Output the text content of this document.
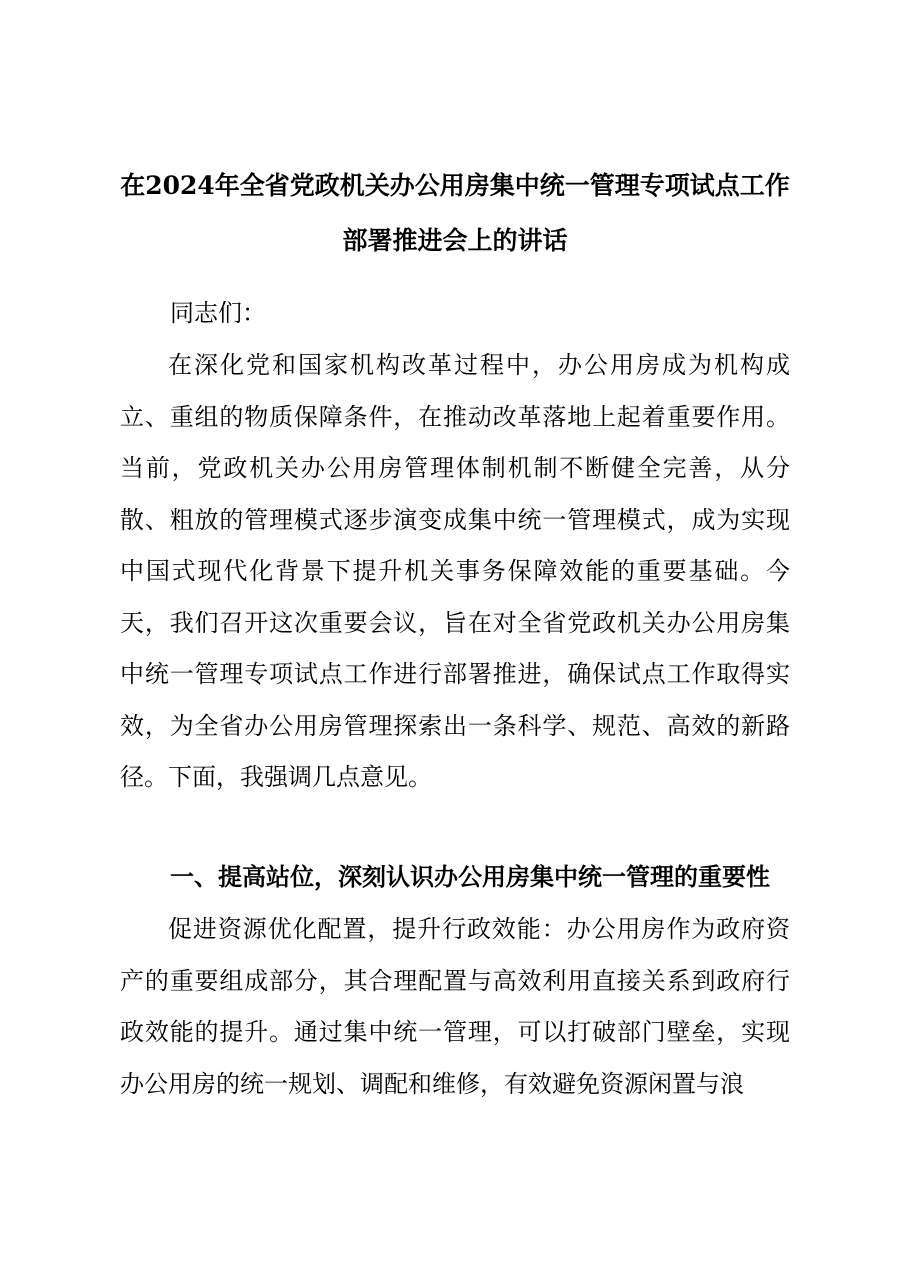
在2024年全省党政机关办公用房集中统一管理专项试点工作部署推进会上的讲话
同志们：
在深化党和国家机构改革过程中，办公用房成为机构成立、重组的物质保障条件，在推动改革落地上起着重要作用。当前，党政机关办公用房管理体制机制不断健全完善，从分散、粗放的管理模式逐步演变成集中统一管理模式，成为实现中国式现代化背景下提升机关事务保障效能的重要基础。今天，我们召开这次重要会议，旨在对全省党政机关办公用房集中统一管理专项试点工作进行部署推进，确保试点工作取得实效，为全省办公用房管理探索出一条科学、规范、高效的新路径。下面，我强调几点意见。
一、提高站位，深刻认识办公用房集中统一管理的重要性
促进资源优化配置，提升行政效能：办公用房作为政府资产的重要组成部分，其合理配置与高效利用直接关系到政府行政效能的提升。通过集中统一管理，可以打破部门壁垒，实现办公用房的统一规划、调配和维修，有效避免资源闲置与浪
